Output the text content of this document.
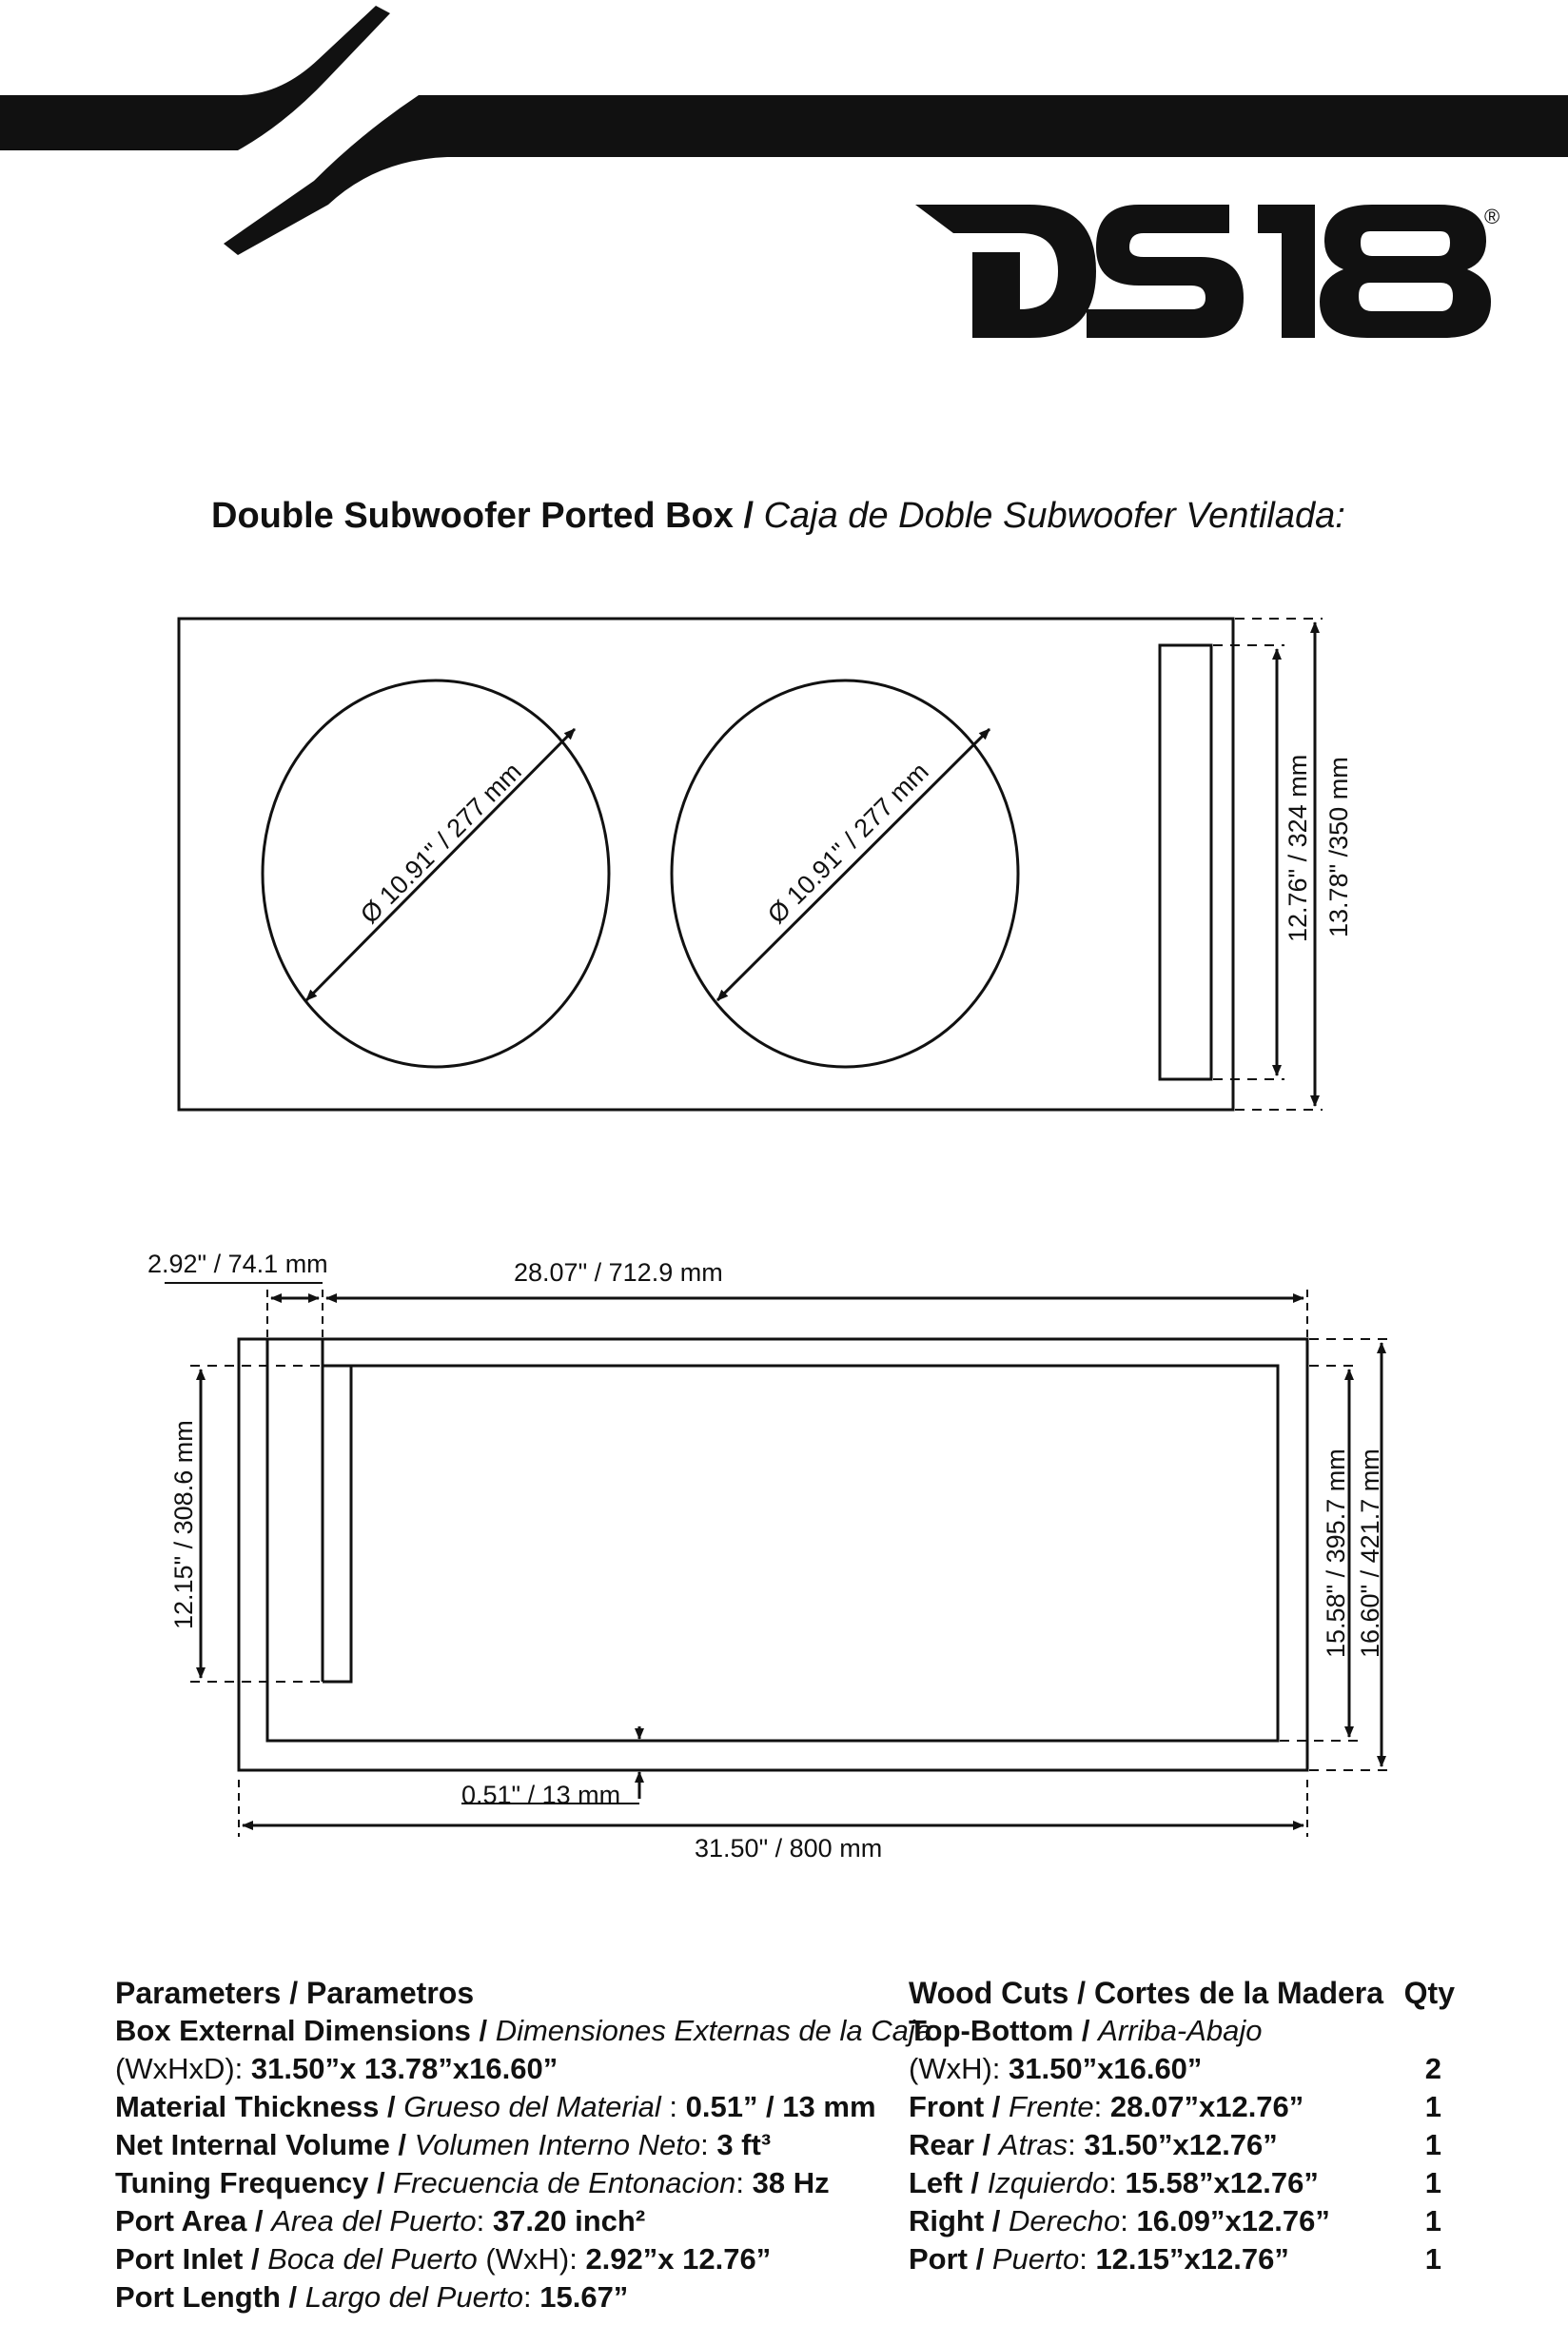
®
Double Subwoofer Ported Box / Caja de Doble Subwoofer Ventilada:
Ø 10.91" / 277 mm	Ø 10.91" / 277 mm	12.76" / 324 mm 13.78" /350 mm
2.92" / 74.1 mm	28.07" / 712.9 mm
12.15" / 308.6 mm	15.58" / 395.7 mm 16.60" / 421.7 mm
0.51" / 13 mm
31.50" / 800 mm
Parameters / Parametros
Box External Dimensions / Dimensiones Externas de la Caja
(WxHxD): 31.50”x 13.78”x16.60”
Material Thickness / Grueso del Material : 0.51” / 13 mm
Net Internal Volume / Volumen Interno Neto: 3 ft³
Tuning Frequency / Frecuencia de Entonacion: 38 Hz
Port Area / Area del Puerto: 37.20 inch²
Port Inlet / Boca del Puerto (WxH): 2.92”x 12.76”
Port Length / Largo del Puerto: 15.67”
Wood Cuts / Cortes de la Madera Qty
Top-Bottom / Arriba-Abajo
(WxH): 31.50”x16.60”	2
Front / Frente: 28.07”x12.76”	1
Rear / Atras: 31.50”x12.76”	1
Left / Izquierdo: 15.58”x12.76”	1
Right / Derecho: 16.09”x12.76”	1
Port / Puerto: 12.15”x12.76”	1
